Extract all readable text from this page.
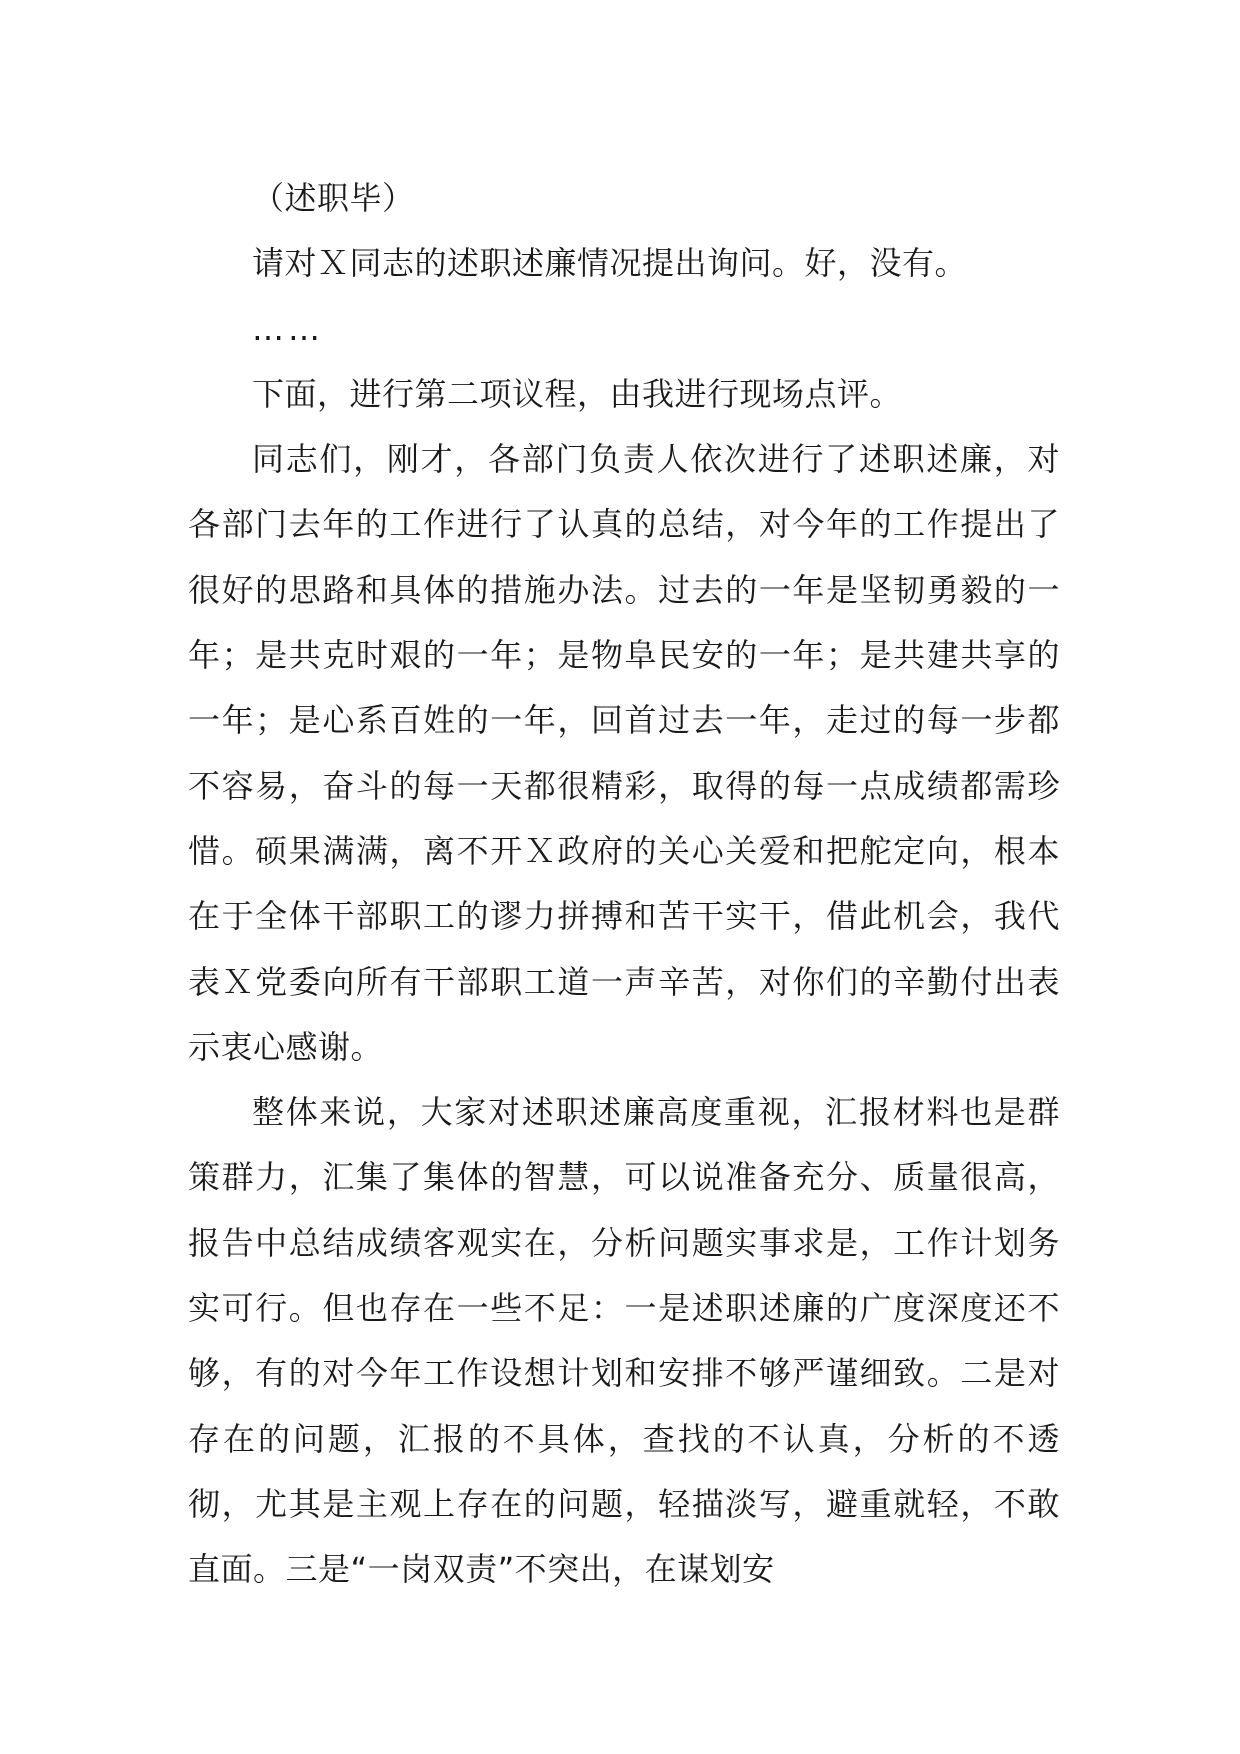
（述职毕）

请对Ｘ同志的述职述廉情况提出询问。好，没有。

……

下面，进行第二项议程，由我进行现场点评。

同志们，刚才，各部门负责人依次进行了述职述廉，对各部门去年的工作进行了认真的总结，对今年的工作提出了很好的思路和具体的措施办法。过去的一年是坚韧勇毅的一年；是共克时艰的一年；是物阜民安的一年；是共建共享的一年；是心系百姓的一年，回首过去一年，走过的每一步都不容易，奋斗的每一天都很精彩，取得的每一点成绩都需珍惜。硕果满满，离不开Ｘ政府的关心关爱和把舵定向，根本在于全体干部职工的谬力拼搏和苦干实干，借此机会，我代表Ｘ党委向所有干部职工道一声辛苦，对你们的辛勤付出表示衷心感谢。

整体来说，大家对述职述廉高度重视，汇报材料也是群策群力，汇集了集体的智慧，可以说准备充分、质量很高，报告中总结成绩客观实在，分析问题实事求是，工作计划务实可行。但也存在一些不足：一是述职述廉的广度深度还不够，有的对今年工作设想计划和安排不够严谨细致。二是对存在的问题，汇报的不具体，查找的不认真，分析的不透彻，尤其是主观上存在的问题，轻描淡写，避重就轻，不敢直面。三是“一岗双责”不突出，在谋划安
